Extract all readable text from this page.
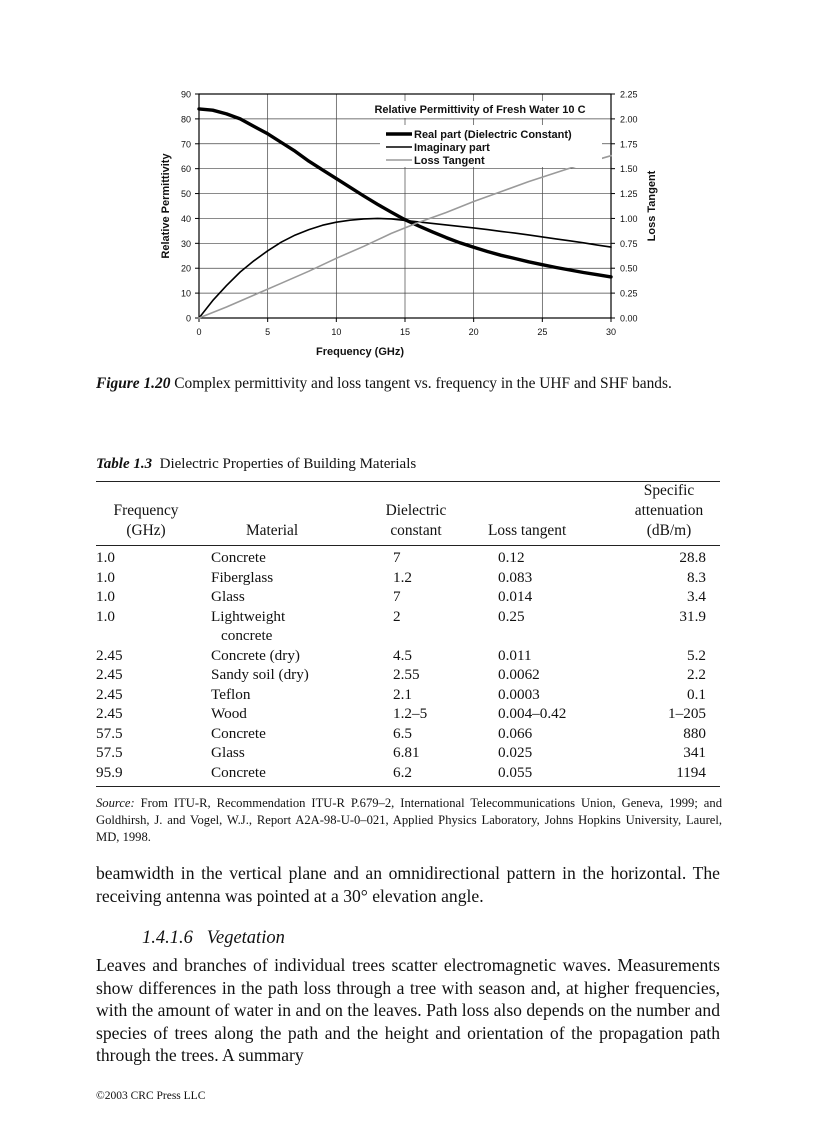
0	5	10	15	20	25	30
0
10
20
30
40
50
60
70
80
90
0.00
0.25
0.50
0.75
1.00
1.25
1.50
1.75
2.00
2.25
Relative Permittivity of Fresh Water 10 C
Real part (Dielectric Constant)
Imaginary part
Loss Tangent
Frequency (GHz)
Relative Permittivity	Loss Tangent
Figure 1.20 Complex permittivity and loss tangent vs. frequency in the UHF and SHF bands.
Table 1.3 Dielectric Properties of Building Materials
Frequency
(GHz)	Material
Dielectric
constant	Loss tangent
Specific
attenuation
(dB/m)
1.0	Concrete	7	0.12	28.8
1.0	Fiberglass	1.2	0.083	8.3
1.0	Glass	7	0.014	3.4
1.0	Lightweight	2	0.25	31.9
concrete
2.45	Concrete (dry)	4.5	0.011	5.2
2.45	Sandy soil (dry)	2.55	0.0062	2.2
2.45	Teflon	2.1	0.0003	0.1
2.45	Wood	1.2–5	0.004–0.42	1–205
57.5	Concrete	6.5	0.066	880
57.5	Glass	6.81	0.025	341
95.9	Concrete	6.2	0.055	1194
Source: From ITU-R, Recommendation ITU-R P.679–2, International Telecommunications Union, Geneva, 1999; and Goldhirsh, J. and Vogel, W.J., Report A2A-98-U-0–021, Applied Physics Laboratory, Johns Hopkins University, Laurel, MD, 1998.
beamwidth in the vertical plane and an omnidirectional pattern in the horizontal. The receiving antenna was pointed at a 30° elevation angle.
1.4.1.6 Vegetation
Leaves and branches of individual trees scatter electromagnetic waves. Measurements show differences in the path loss through a tree with season and, at higher frequencies, with the amount of water in and on the leaves. Path loss also depends on the number and species of trees along the path and the height and orientation of the propagation path through the trees. A summary
©2003 CRC Press LLC
